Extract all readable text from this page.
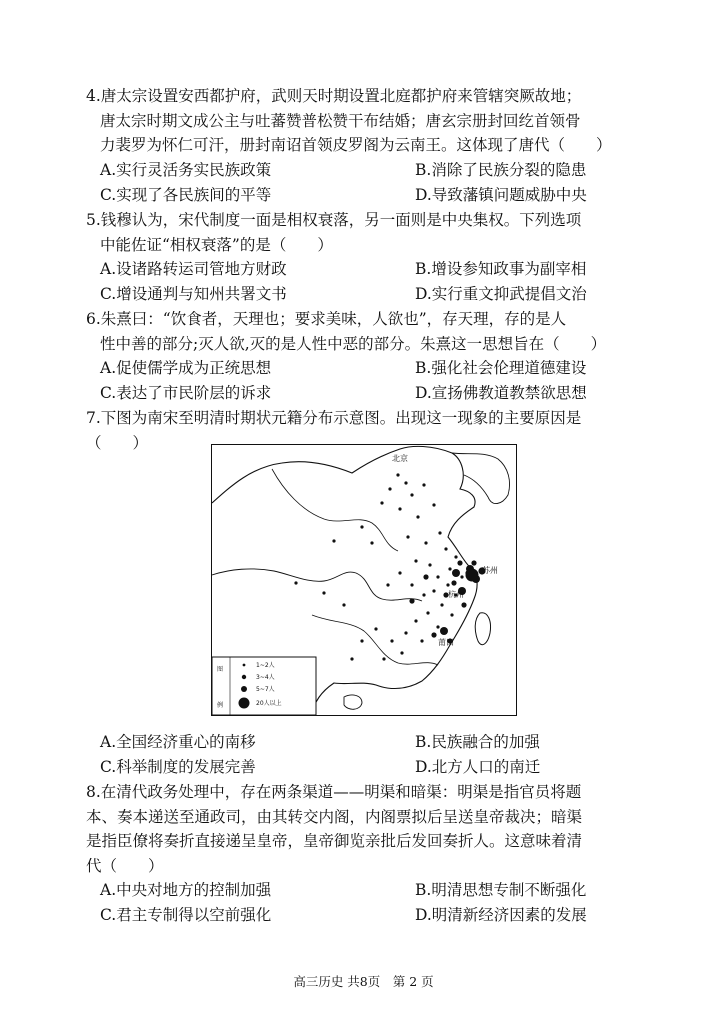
4.唐太宗设置安西都护府，武则天时期设置北庭都护府来管辖突厥故地；
唐太宗时期文成公主与吐蕃赞普松赞干布结婚；唐玄宗册封回纥首领骨
力裴罗为怀仁可汗，册封南诏首领皮罗阁为云南王。这体现了唐代（　　）
A.实行灵活务实民族政策	B.消除了民族分裂的隐患
C.实现了各民族间的平等	D.导致藩镇问题威胁中央
5.钱穆认为，宋代制度一面是相权衰落，另一面则是中央集权。下列选项
中能佐证“相权衰落”的是（　　）
A.设诸路转运司管地方财政	B.增设参知政事为副宰相
C.增设通判与知州共署文书	D.实行重文抑武提倡文治
6.朱熹曰：“饮食者，天理也；要求美味，人欲也”，存天理，存的是人
性中善的部分;灭人欲,灭的是人性中恶的部分。朱熹这一思想旨在（　　）
A.促使儒学成为正统思想	B.强化社会伦理道德建设
C.表达了市民阶层的诉求	D.宣扬佛教道教禁欲思想
7.下图为南宋至明清时期状元籍分布示意图。出现这一现象的主要原因是
（　　）
北京
苏州
杭州
莆田
图
例
1~2人
3~4人
5~7人
20人以上
A.全国经济重心的南移	B.民族融合的加强
C.科举制度的发展完善	D.北方人口的南迁
8.在清代政务处理中，存在两条渠道——明渠和暗渠：明渠是指官员将题
本、奏本递送至通政司，由其转交内阁，内阁票拟后呈送皇帝裁决；暗渠
是指臣僚将奏折直接递呈皇帝，皇帝御览亲批后发回奏折人。这意味着清
代（　　）
A.中央对地方的控制加强	B.明清思想专制不断强化
C.君主专制得以空前强化	D.明清新经济因素的发展
高三历史 共8页　第 2 页
